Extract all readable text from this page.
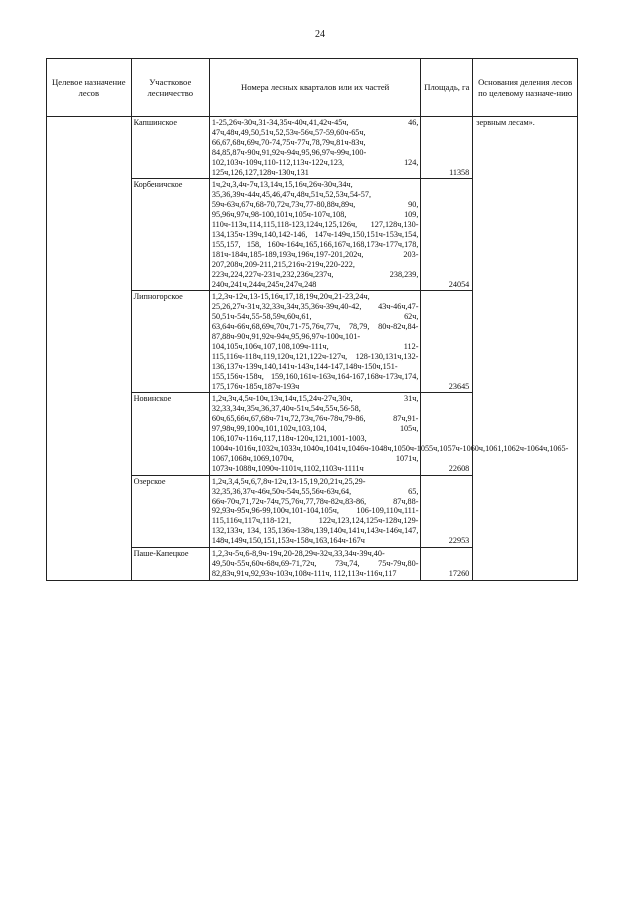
24
Целевое назначение лесов	Участковое лесничество	Номера лесных кварталов или их частей	Площадь, га	Основания деления лесов по целевому назначе-нию
	Капшинское	1-25,26ч-30ч,31-34,35ч-40ч,41,42ч-45ч, 46, 47ч,48ч,49,50,51ч,52,53ч-56ч,57-59,60ч-65ч, 66,67,68ч,69ч,70-74,75ч-77ч,78,79ч,81ч-83ч, 84,85,87ч-90ч,91,92ч-94ч,95,96,97ч-99ч,100-102,103ч-109ч,110-112,113ч-122ч,123, 124, 125ч,126,127,128ч-130ч,131	11358	зервным лесам».
	Корбеничское	1ч,2ч,3,4ч-7ч,13,14ч,15,16ч,26ч-30ч,34ч, 35,36,39ч-44ч,45,46,47ч,48ч,51ч,52,53ч,54-57, 59ч-63ч,67ч,68-70,72ч,73ч,77-80,88ч,89ч, 90, 95,96ч,97ч,98-100,101ч,105ч-107ч,108, 109, 110ч-113ч,114,115,118-123,124ч,125,126ч, 127,128ч,130-134,135ч-139ч,140,142-146, 147ч-149ч,150,151ч-153ч,154, 155,157, 158, 160ч-164ч,165,166,167ч,168,173ч-177ч,178, 181ч-184ч,185-189,193ч,196ч,197-201,202ч, 203-207,208ч,209-211,215,216ч-219ч,220-222, 223ч,224,227ч-231ч,232,236ч,237ч, 238,239, 240ч,241ч,244ч,245ч,247ч,248	24054	
	Липногорское	1,2,3ч-12ч,13-15,16ч,17,18,19ч,20ч,21-23,24ч, 25,26,27ч-31ч,32,33ч,34ч,35,36ч-39ч,40-42, 43ч-46ч,47-50,51ч-54ч,55-58,59ч,60ч,61, 62ч, 63,64ч-66ч,68,69ч,70ч,71-75,76ч,77ч, 78,79, 80ч-82ч,84-87,88ч-90ч,91,92ч-94ч,95,96,97ч-100ч,101-104,105ч,106ч,107,108,109ч-111ч, 112-115,116ч-118ч,119,120ч,121,122ч-127ч, 128-130,131ч,132-136,137ч-139ч,140,141ч-143ч,144-147,148ч-150ч,151-155,156ч-158ч, 159,160,161ч-163ч,164-167,168ч-173ч,174, 175,176ч-185ч,187ч-193ч	23645	
	Новинское	1,2ч,3ч,4,5ч-10ч,13ч,14ч,15,24ч-27ч,30ч, 31ч, 32,33,34ч,35ч,36,37,40ч-51ч,54ч,55ч,56-58, 60ч,65,66ч,67,68ч-71ч,72,73ч,76ч-78ч,79-86, 87ч,91-97,98ч,99,100ч,101,102ч,103,104, 105ч, 106,107ч-116ч,117,118ч-120ч,121,1001-1003, 1004ч-1016ч,1032ч,1033ч,1040ч,1041ч,1046ч-1048ч,1050ч-1055ч,1057ч-1060ч,1061,1062ч-1064ч,1065-1067,1068ч,1069,1070ч, 1071ч, 1073ч-1088ч,1090ч-1101ч,1102,1103ч-1111ч	22608	
	Озерское	1,2ч,3,4,5ч,6,7,8ч-12ч,13-15,19,20,21ч,25,29-32,35,36,37ч-46ч,50ч-54ч,55,56ч-63ч,64, 65, 66ч-70ч,71,72ч-74ч,75,76ч,77,78ч-82ч,83-86, 87ч,88-92,93ч-95ч,96-99,100ч,101-104,105ч, 106-109,110ч,111-115,116ч,117ч,118-121, 122ч,123,124,125ч-128ч,129-132,133ч, 134, 135,136ч-138ч,139,140ч,141ч,143ч-146ч,147, 148ч,149ч,150,151,153ч-158ч,163,164ч-167ч	22953	
	Паше-Капецкое	1,2,3ч-5ч,6-8,9ч-19ч,20-28,29ч-32ч,33,34ч-39ч,40-49,50ч-55ч,60ч-68ч,69-71,72ч, 73ч,74, 75ч-79ч,80-82,83ч,91ч,92,93ч-103ч,108ч-111ч, 112,113ч-116ч,117	17260	
